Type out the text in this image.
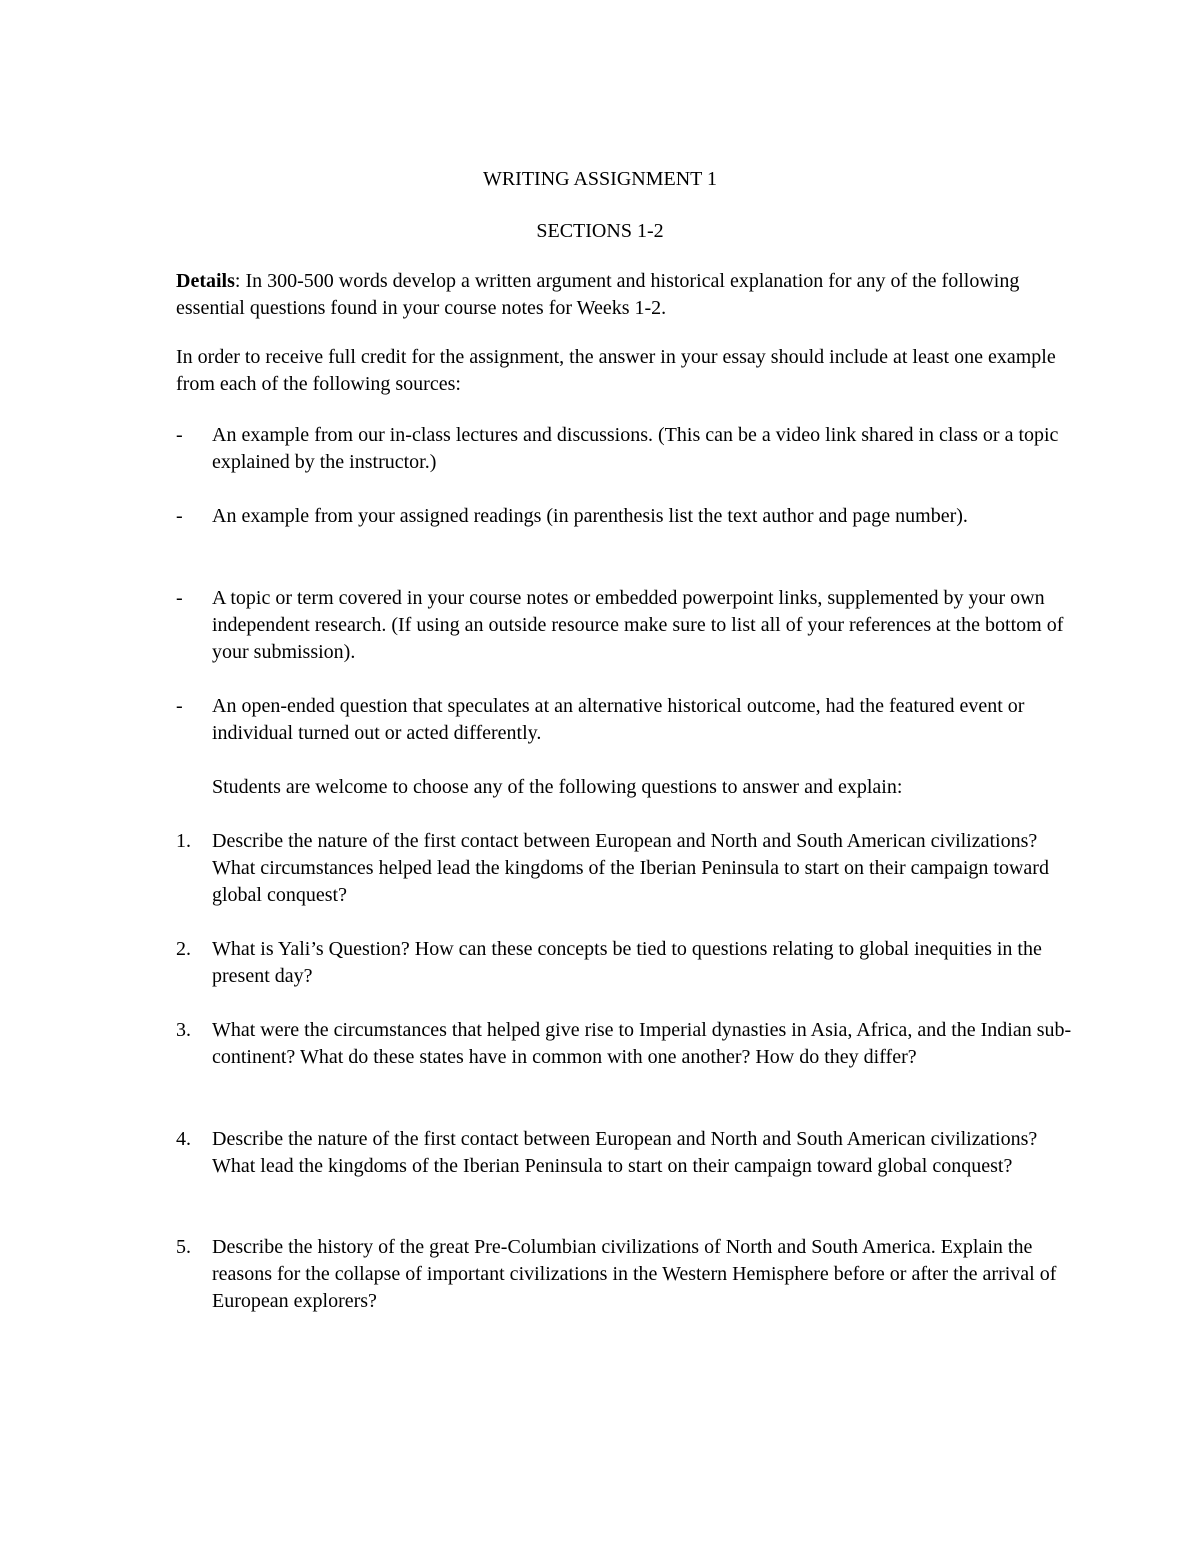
WRITING ASSIGNMENT 1

SECTIONS 1-2

Details: In 300-500 words develop a written argument and historical explanation for any of the following essential questions found in your course notes for Weeks 1-2.

In order to receive full credit for the assignment, the answer in your essay should include at least one example from each of the following sources:

-	An example from our in-class lectures and discussions. (This can be a video link shared in class or a topic explained by the instructor.)
-	An example from your assigned readings (in parenthesis list the text author and page number).
-	A topic or term covered in your course notes or embedded powerpoint links, supplemented by your own independent research. (If using an outside resource make sure to list all of your references at the bottom of your submission).
-	An open-ended question that speculates at an alternative historical outcome, had the featured event or individual turned out or acted differently.

Students are welcome to choose any of the following questions to answer and explain:

1.	Describe the nature of the first contact between European and North and South American civilizations? What circumstances helped lead the kingdoms of the Iberian Peninsula to start on their campaign toward global conquest?
2.	What is Yali’s Question? How can these concepts be tied to questions relating to global inequities in the present day?
3.	What were the circumstances that helped give rise to Imperial dynasties in Asia, Africa, and the Indian sub-continent? What do these states have in common with one another? How do they differ?
4.	Describe the nature of the first contact between European and North and South American civilizations? What lead the kingdoms of the Iberian Peninsula to start on their campaign toward global conquest?
5.	Describe the history of the great Pre-Columbian civilizations of North and South America. Explain the reasons for the collapse of important civilizations in the Western Hemisphere before or after the arrival of European explorers?
